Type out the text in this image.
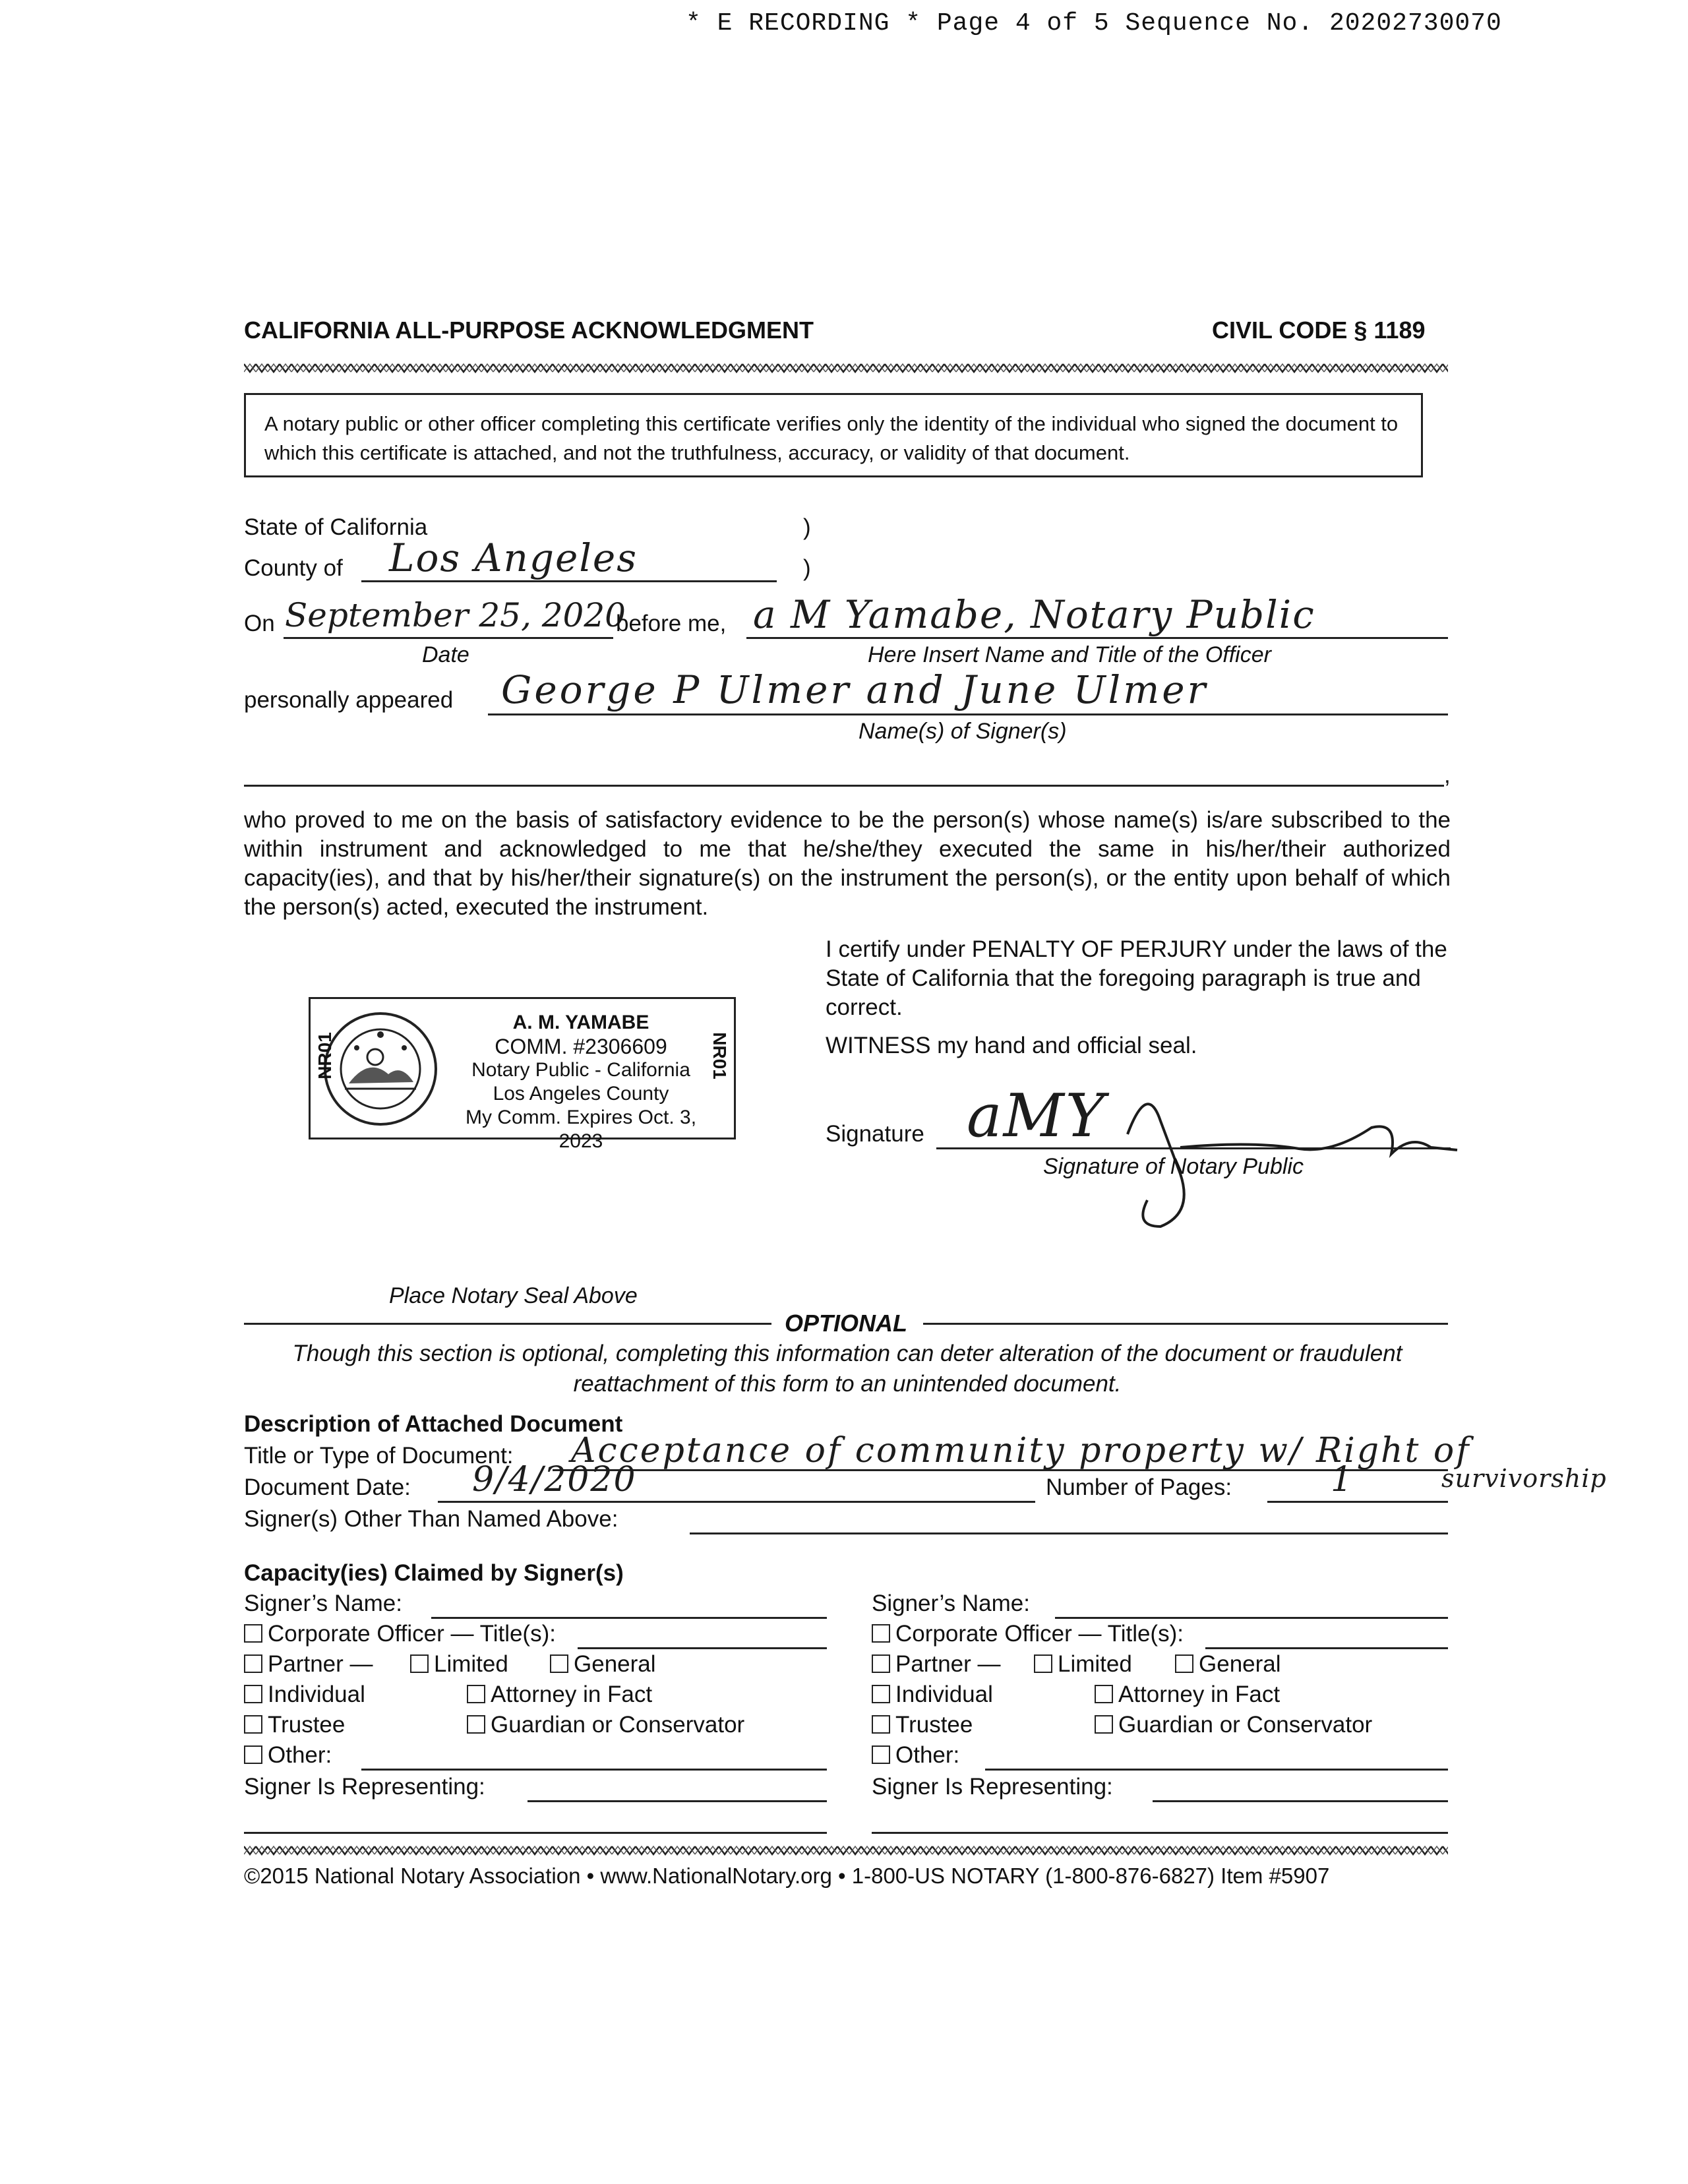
* E RECORDING * Page 4 of 5 Sequence No. 20202730070
CALIFORNIA ALL-PURPOSE ACKNOWLEDGMENT	CIVIL CODE § 1189
A notary public or other officer completing this certificate verifies only the identity of the individual who signed the document to which this certificate is attached, and not the truthfulness, accuracy, or validity of that document.
State of California	)
County of Los Angeles	)
On September 25, 2020
before me, a M Yamabe, Notary Public
Date	Here Insert Name and Title of the Officer
personally appeared George P Ulmer and June Ulmer
Name(s) of Signer(s)
,
who proved to me on the basis of satisfactory evidence to be the person(s) whose name(s) is/are subscribed to the within instrument and acknowledged to me that he/she/they executed the same in his/her/their authorized capacity(ies), and that by his/her/their signature(s) on the instrument the person(s), or the entity upon behalf of which the person(s) acted, executed the instrument.
NR01	NR01
A. M. YAMABE
COMM. #2306609
Notary Public - California
Los Angeles County
My Comm. Expires Oct. 3, 2023
I certify under PENALTY OF PERJURY under the laws of the State of California that the foregoing paragraph is true and correct.
WITNESS my hand and official seal.
Signature aMY
Signature of Notary Public
Place Notary Seal Above
OPTIONAL
Though this section is optional, completing this information can deter alteration of the document or fraudulent reattachment of this form to an unintended document.
Description of Attached Document
Title or Type of Document: Acceptance of community property w/ Right of
survivorship
Document Date: 9/4/2020	Number of Pages:	1
Signer(s) Other Than Named Above:
Capacity(ies) Claimed by Signer(s)
Signer’s Name:
Corporate Officer — Title(s):
Partner —	Limited	General
Individual	Attorney in Fact
Trustee	Guardian or Conservator
Other:
Signer Is Representing:
Signer’s Name:
Corporate Officer — Title(s):
Partner —	Limited	General
Individual	Attorney in Fact
Trustee	Guardian or Conservator
Other:
Signer Is Representing:
©2015 National Notary Association • www.NationalNotary.org • 1-800-US NOTARY (1-800-876-6827) Item #5907
